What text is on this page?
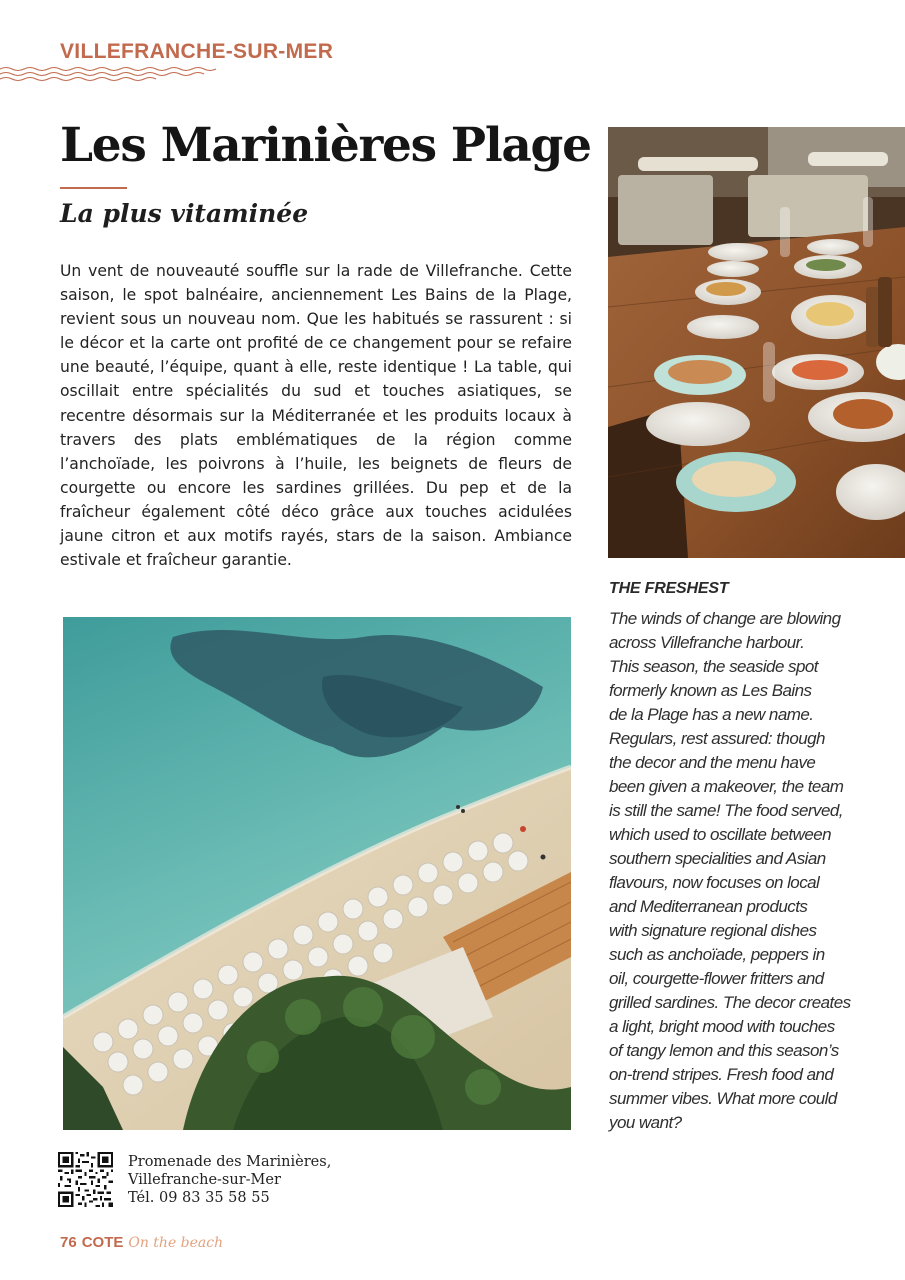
VILLEFRANCHE-SUR-MER
Les Marinières Plage
La plus vitaminée

Un vent de nouveauté souffle sur la rade de Villefranche. Cette saison, le spot balnéaire, anciennement Les Bains de la Plage, revient sous un nouveau nom. Que les habitués se rassurent : si le décor et la carte ont profité de ce changement pour se refaire une beauté, l’équipe, quant à elle, reste identique ! La table, qui oscillait entre spécialités du sud et touches asiatiques, se recentre désormais sur la Méditerranée et les produits locaux à travers des plats emblématiques de la région comme l’anchoïade, les poivrons à l’huile, les beignets de fleurs de courgette ou encore les sardines grillées. Du pep et de la fraîcheur également côté déco grâce aux touches acidulées jaune citron et aux motifs rayés, stars de la saison. Ambiance estivale et fraîcheur garantie.

THE FRESHEST

The winds of change are blowing
across Villefranche harbour.
This season, the seaside spot
formerly known as Les Bains
de la Plage has a new name.
Regulars, rest assured: though
the decor and the menu have
been given a makeover, the team
is still the same! The food served,
which used to oscillate between
southern specialities and Asian
flavours, now focuses on local
and Mediterranean products
with signature regional dishes
such as anchoïade, peppers in
oil, courgette-flower fritters and
grilled sardines. The decor creates
a light, bright mood with touches
of tangy lemon and this season’s
on-trend stripes. Fresh food and
summer vibes. What more could
you want?

Promenade des Marinières,
Villefranche-sur-Mer
Tél. 09 83 35 58 55
76 COTE On the beach
